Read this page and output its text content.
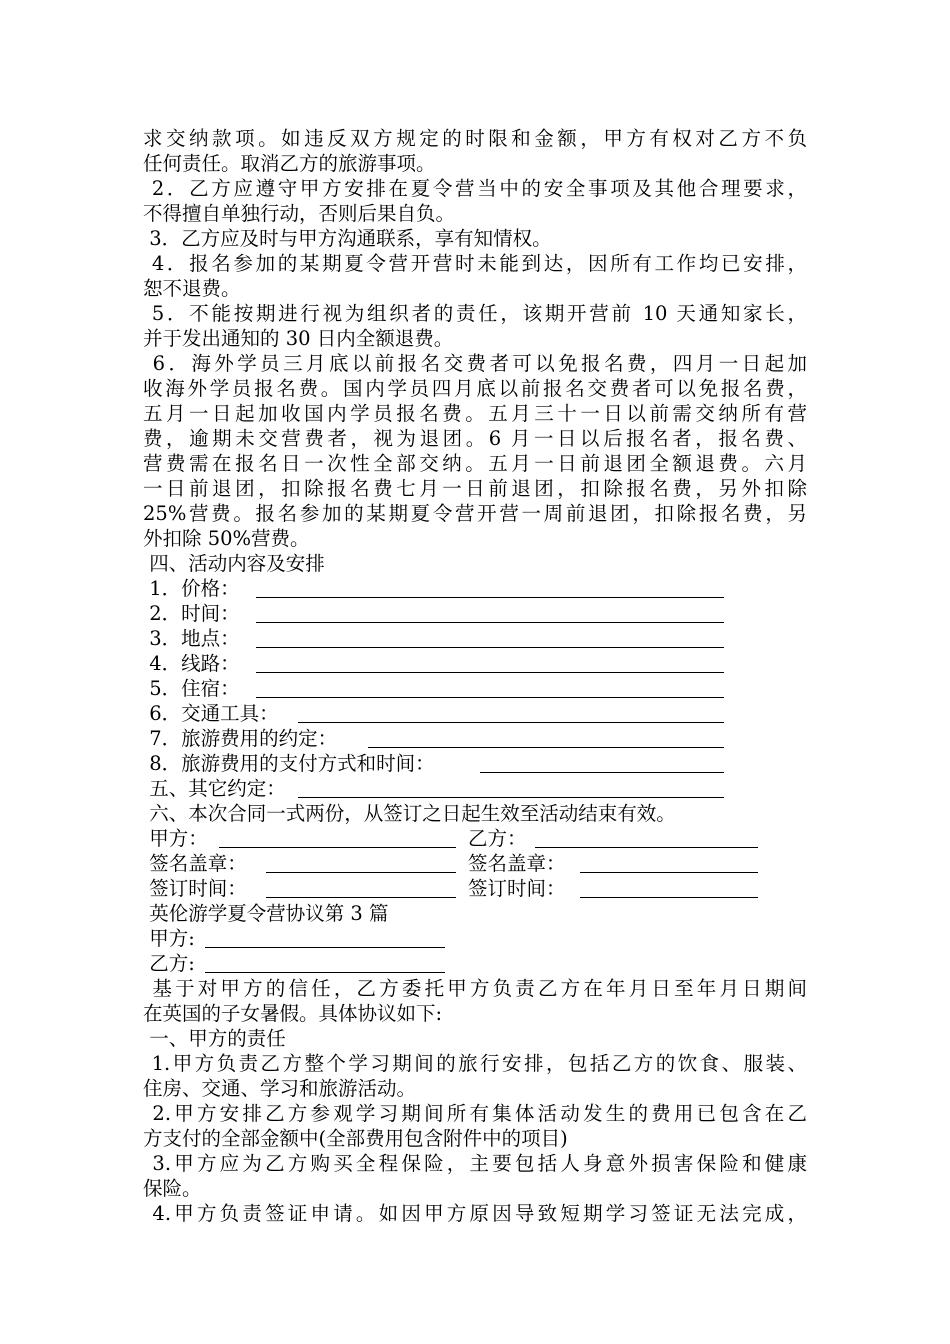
求交纳款项。如违反双方规定的时限和金额，甲方有权对乙方不负
任何责任。取消乙方的旅游事项。
2．乙方应遵守甲方安排在夏令营当中的安全事项及其他合理要求，
不得擅自单独行动，否则后果自负。
3．乙方应及时与甲方沟通联系，享有知情权。
4．报名参加的某期夏令营开营时未能到达，因所有工作均已安排，
恕不退费。
5．不能按期进行视为组织者的责任，该期开营前 10 天通知家长，
并于发出通知的 30 日内全额退费。
6．海外学员三月底以前报名交费者可以免报名费，四月一日起加
收海外学员报名费。国内学员四月底以前报名交费者可以免报名费，
五月一日起加收国内学员报名费。五月三十一日以前需交纳所有营
费，逾期未交营费者，视为退团。6 月一日以后报名者，报名费、
营费需在报名日一次性全部交纳。五月一日前退团全额退费。六月
一日前退团，扣除报名费七月一日前退团，扣除报名费，另外扣除
25%营费。报名参加的某期夏令营开营一周前退团，扣除报名费，另
外扣除 50%营费。
四、活动内容及安排
1．价格：
2．时间：
3．地点：
4．线路：
5．住宿：
6．交通工具：
7．旅游费用的约定：
8．旅游费用的支付方式和时间：
五、其它约定：
六、本次合同一式两份，从签订之日起生效至活动结束有效。
甲方：	乙方：
签名盖章：	签名盖章：
签订时间：	签订时间：
英伦游学夏令营协议第 3 篇
甲方:
乙方:
基于对甲方的信任，乙方委托甲方负责乙方在年月日至年月日期间
在英国的子女暑假。具体协议如下:
一、甲方的责任
1.甲方负责乙方整个学习期间的旅行安排，包括乙方的饮食、服装、
住房、交通、学习和旅游活动。
2.甲方安排乙方参观学习期间所有集体活动发生的费用已包含在乙
方支付的全部金额中(全部费用包含附件中的项目)
3.甲方应为乙方购买全程保险，主要包括人身意外损害保险和健康
保险。
4.甲方负责签证申请。如因甲方原因导致短期学习签证无法完成，
